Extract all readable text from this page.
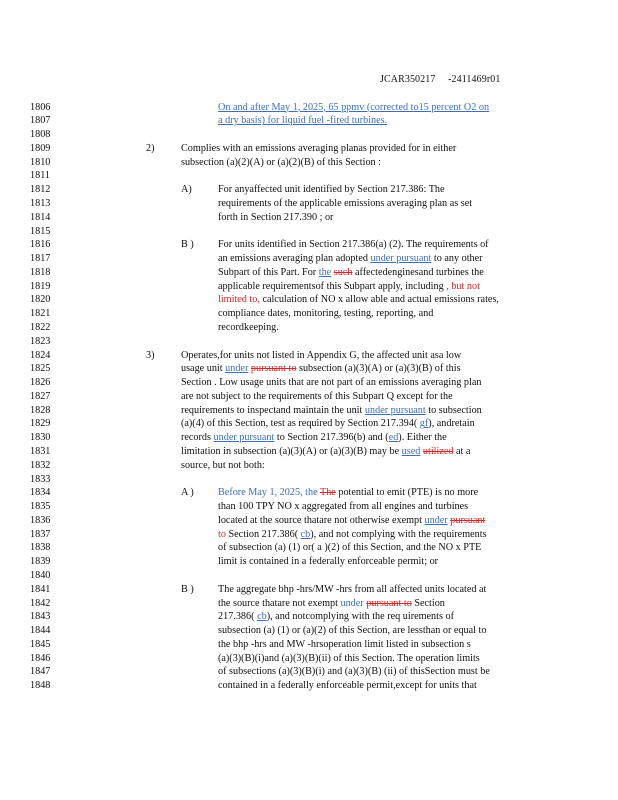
JCAR350217 -2411469r01
1806	On and after May 1, 2025, 65 ppmv (corrected to15 percent O2 on
1807	a dry basis) for liquid fuel -fired turbines.
1808
1809	2)	Complies with an emissions averaging planas provided for in either
1810	subsection (a)(2)(A) or (a)(2)(B) of this Section :
1811
1812	A)	For anyaffected unit identified by Section 217.386: The
1813	requirements of the applicable emissions averaging plan as set
1814	forth in Section 217.390 ; or
1815
1816	B ) For units identified in Section 217.386(a) (2). The requirements of
1817	an emissions averaging plan adopted under pursuant to any other
1818	Subpart of this Part. For the such affectedenginesand turbines the
1819	applicable requirementsof this Subpart apply, including , but not
1820	limited to, calculation of NO x allow able and actual emissions rates,
1821	compliance dates, monitoring, testing, reporting, and
1822	recordkeeping.
1823
1824	3)	Operates,for units not listed in Appendix G, the affected unit asa low
1825	usage unit under pursuant to subsection (a)(3)(A) or (a)(3)(B) of this
1826	Section . Low usage units that are not part of an emissions averaging plan
1827	are not subject to the requirements of this Subpart Q except for the
1828	requirements to inspectand maintain the unit under pursuant to subsection
1829	(a)(4) of this Section, test as required by Section 217.394( gf), andretain
1830	records under pursuant to Section 217.396(b) and (ed). Either the
1831	limitation in subsection (a)(3)(A) or (a)(3)(B) may be used utilized at a
1832	source, but not both:
1833
1834	A ) Before May 1, 2025, the The potential to emit (PTE) is no more
1835	than 100 TPY NO x aggregated from all engines and turbines
1836	located at the source thatare not otherwise exempt under pursuant
1837	to Section 217.386( cb), and not complying with the requirements
1838	of subsection (a) (1) or( a )(2) of this Section, and the NO x PTE
1839	limit is contained in a federally enforceable permit; or
1840
1841	B ) The aggregate bhp -hrs/MW -hrs from all affected units located at
1842	the source thatare not exempt under pursuant to Section
1843	217.386( cb), and notcomplying with the req uirements of
1844	subsection (a) (1) or (a)(2) of this Section, are lessthan or equal to
1845	the bhp -hrs and MW -hrsoperation limit listed in subsection s
1846	(a)(3)(B)(i)and (a)(3)(B)(ii) of this Section. The operation limits
1847	of subsections (a)(3)(B)(i) and (a)(3)(B) (ii) of thisSection must be
1848	contained in a federally enforceable permit,except for units that
